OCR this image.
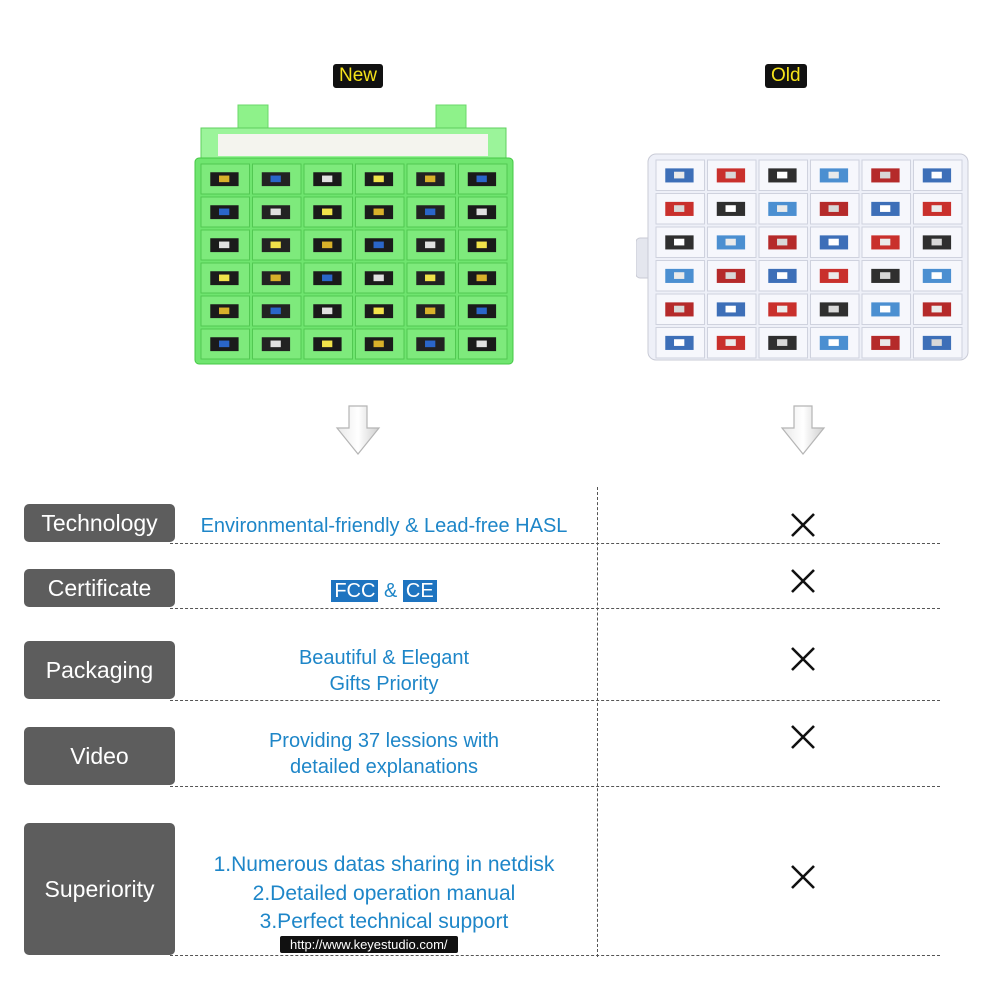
New	Old
Technology
Certificate
Packaging
Video
Superiority
Environmental-friendly & Lead-free HASL
FCC & CE
Beautiful & Elegant
Gifts Priority
Providing 37 lessions with
detailed explanations
1.Numerous datas sharing in netdisk
2.Detailed operation manual
3.Perfect technical support
http://www.keyestudio.com/
